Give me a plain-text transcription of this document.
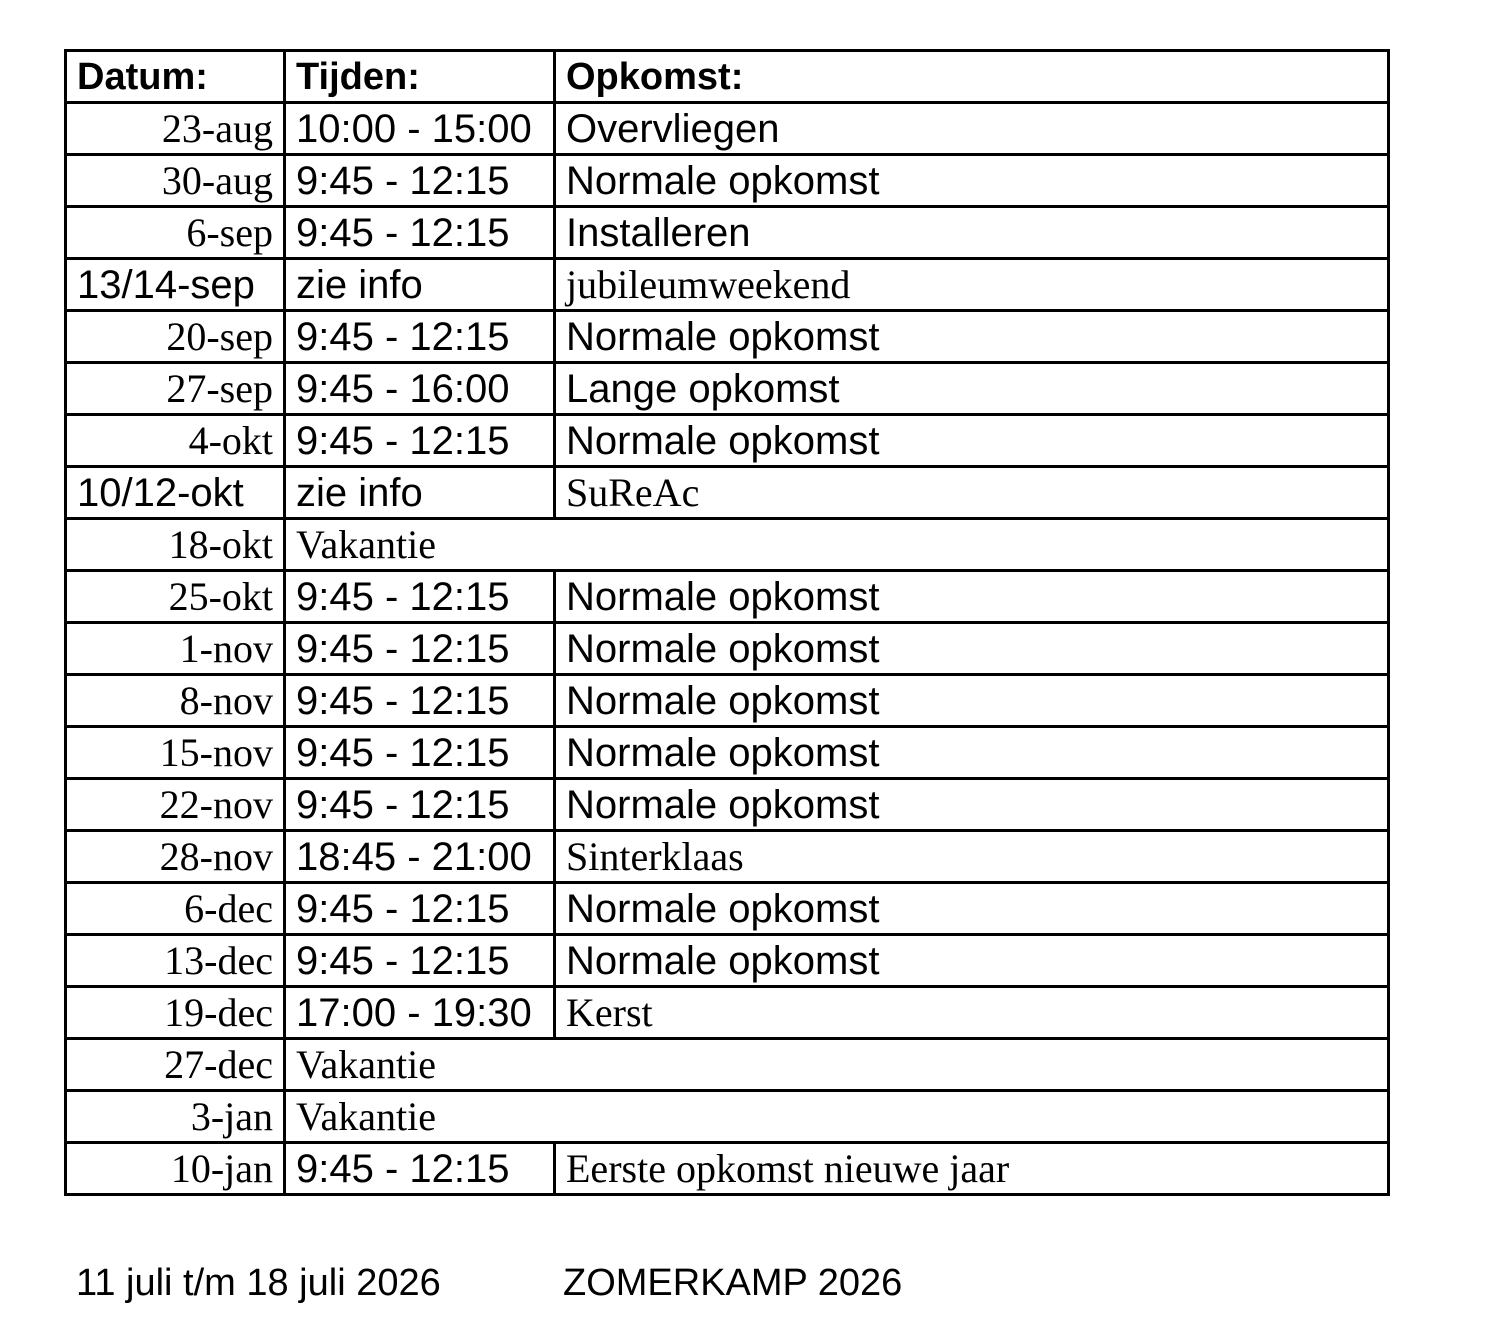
Datum:	Tijden:	Opkomst:
23-aug	10:00 - 15:00	Overvliegen
30-aug	9:45 - 12:15	Normale opkomst
6-sep	9:45 - 12:15	Installeren
13/14-sep	zie info	jubileumweekend
20-sep	9:45 - 12:15	Normale opkomst
27-sep	9:45 - 16:00	Lange opkomst
4-okt	9:45 - 12:15	Normale opkomst
10/12-okt	zie info	SuReAc
18-okt	Vakantie	
25-okt	9:45 - 12:15	Normale opkomst
1-nov	9:45 - 12:15	Normale opkomst
8-nov	9:45 - 12:15	Normale opkomst
15-nov	9:45 - 12:15	Normale opkomst
22-nov	9:45 - 12:15	Normale opkomst
28-nov	18:45 - 21:00	Sinterklaas
6-dec	9:45 - 12:15	Normale opkomst
13-dec	9:45 - 12:15	Normale opkomst
19-dec	17:00 - 19:30	Kerst
27-dec	Vakantie	
3-jan	Vakantie	
10-jan	9:45 - 12:15	Eerste opkomst nieuwe jaar
11 juli t/m 18 juli 2026	ZOMERKAMP 2026
